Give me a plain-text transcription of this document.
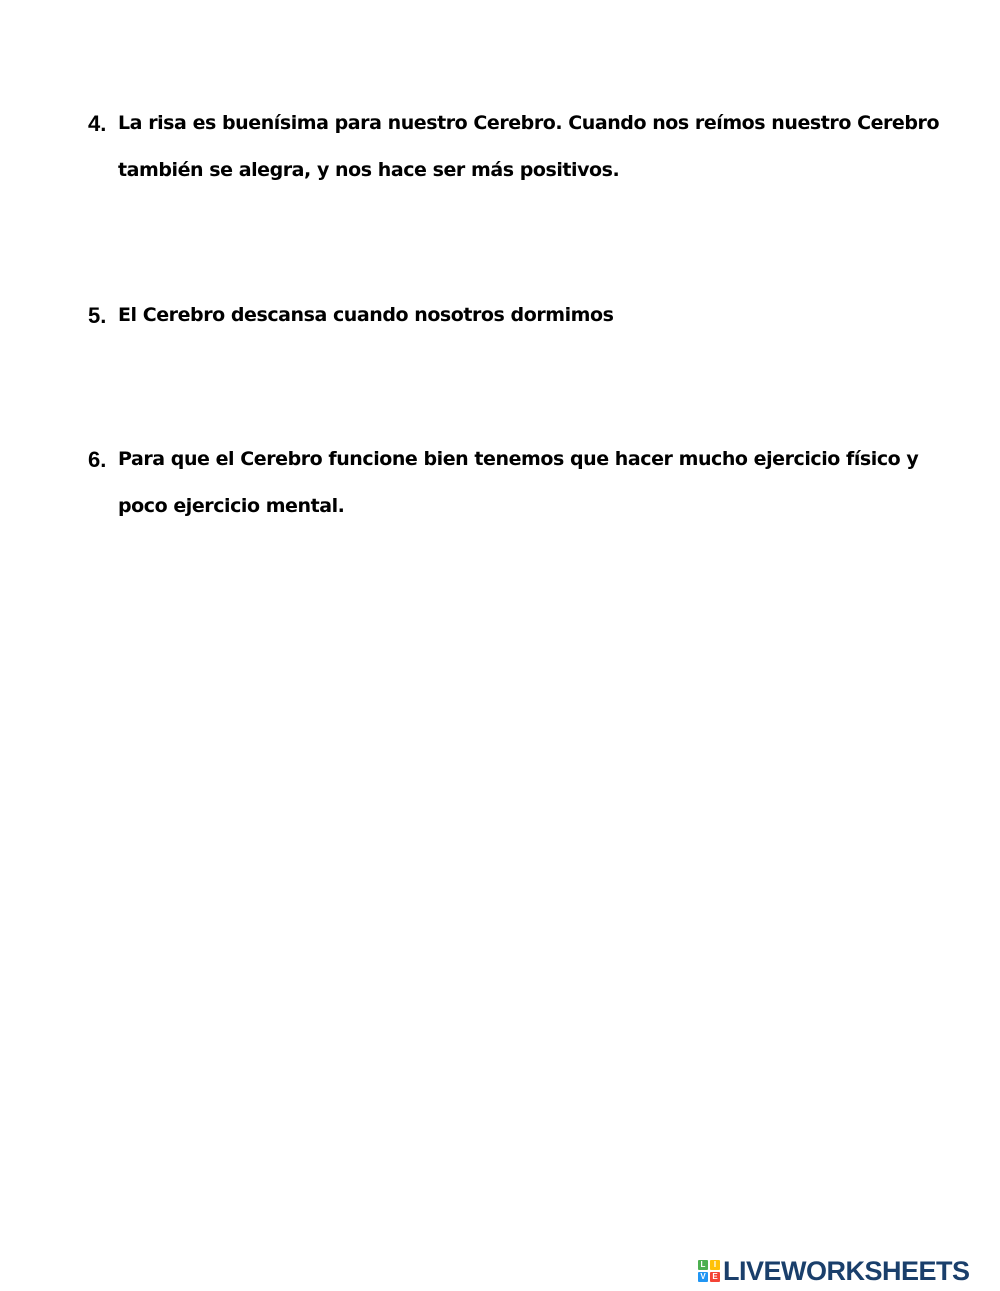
4. La risa es buenísima para nuestro Cerebro. Cuando nos reímos nuestro Cerebro también se alegra, y nos hace ser más positivos.
5. El Cerebro descansa cuando nosotros dormimos
6. Para que el Cerebro funcione bien tenemos que hacer mucho ejercicio físico y poco ejercicio mental.
L	I
V E LIVEWORKSHEETS
